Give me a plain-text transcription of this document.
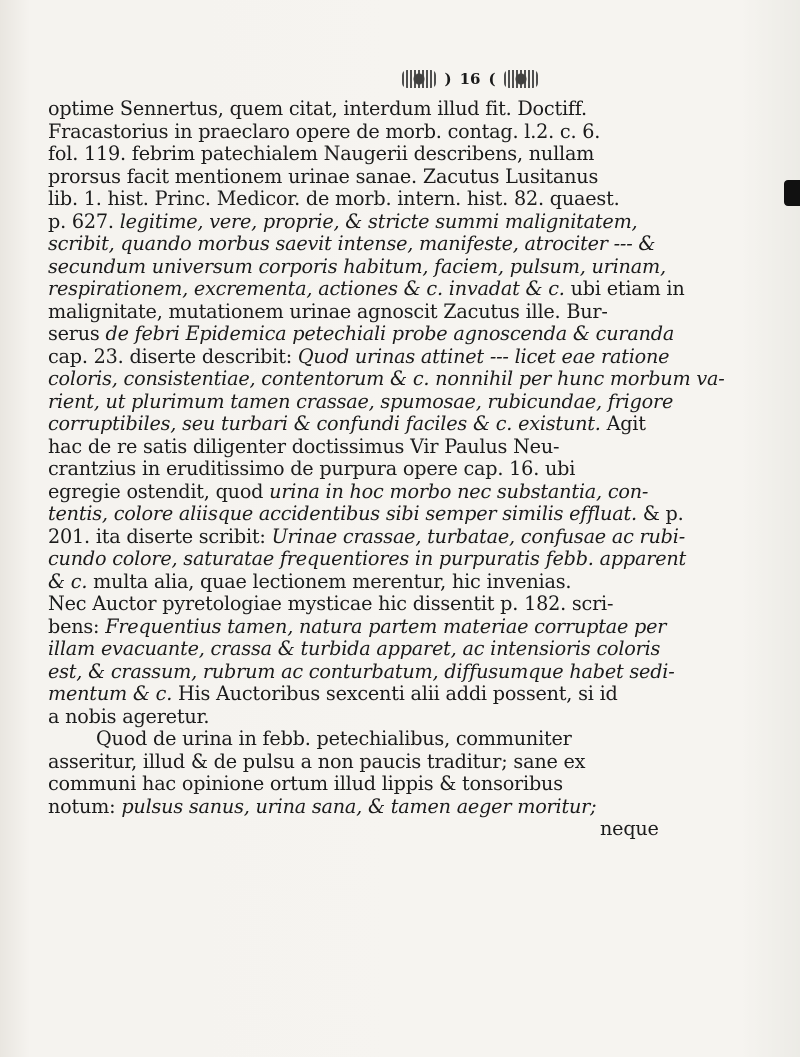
) 16 (
optime Sennertus, quem citat, interdum illud fit. Doctiff.
Fracastorius in praeclaro opere de morb. contag. l.2. c. 6.
fol. 119. febrim patechialem Naugerii describens, nullam
prorsus facit mentionem urinae sanae. Zacutus Lusitanus
lib. 1. hist. Princ. Medicor. de morb. intern. hist. 82. quaest.
p. 627. legitime, vere, proprie, & stricte summi malignitatem,
scribit, quando morbus saevit intense, manifeste, atrociter --- &
secundum universum corporis habitum, faciem, pulsum, urinam,
respirationem, excrementa, actiones & c. invadat & c. ubi etiam in
malignitate, mutationem urinae agnoscit Zacutus ille. Bur-
serus de febri Epidemica petechiali probe agnoscenda & curanda
cap. 23. diserte describit: Quod urinas attinet --- licet eae ratione
coloris, consistentiae, contentorum & c. nonnihil per hunc morbum va-
rient, ut plurimum tamen crassae, spumosae, rubicundae, frigore
corruptibiles, seu turbari & confundi faciles & c. existunt. Agit
hac de re satis diligenter doctissimus Vir Paulus Neu-
crantzius in eruditissimo de purpura opere cap. 16. ubi
egregie ostendit, quod urina in hoc morbo nec substantia, con-
tentis, colore aliisque accidentibus sibi semper similis effluat. & p.
201. ita diserte scribit: Urinae crassae, turbatae, confusae ac rubi-
cundo colore, saturatae frequentiores in purpuratis febb. apparent
& c. multa alia, quae lectionem merentur, hic invenias.
Nec Auctor pyretologiae mysticae hic dissentit p. 182. scri-
bens: Frequentius tamen, natura partem materiae corruptae per
illam evacuante, crassa & turbida apparet, ac intensioris coloris
est, & crassum, rubrum ac conturbatum, diffusumque habet sedi-
mentum & c. His Auctoribus sexcenti alii addi possent, si id
a nobis ageretur.
Quod de urina in febb. petechialibus, communiter
asseritur, illud & de pulsu a non paucis traditur; sane ex
communi hac opinione ortum illud lippis & tonsoribus
notum: pulsus sanus, urina sana, & tamen aeger moritur;
neque
